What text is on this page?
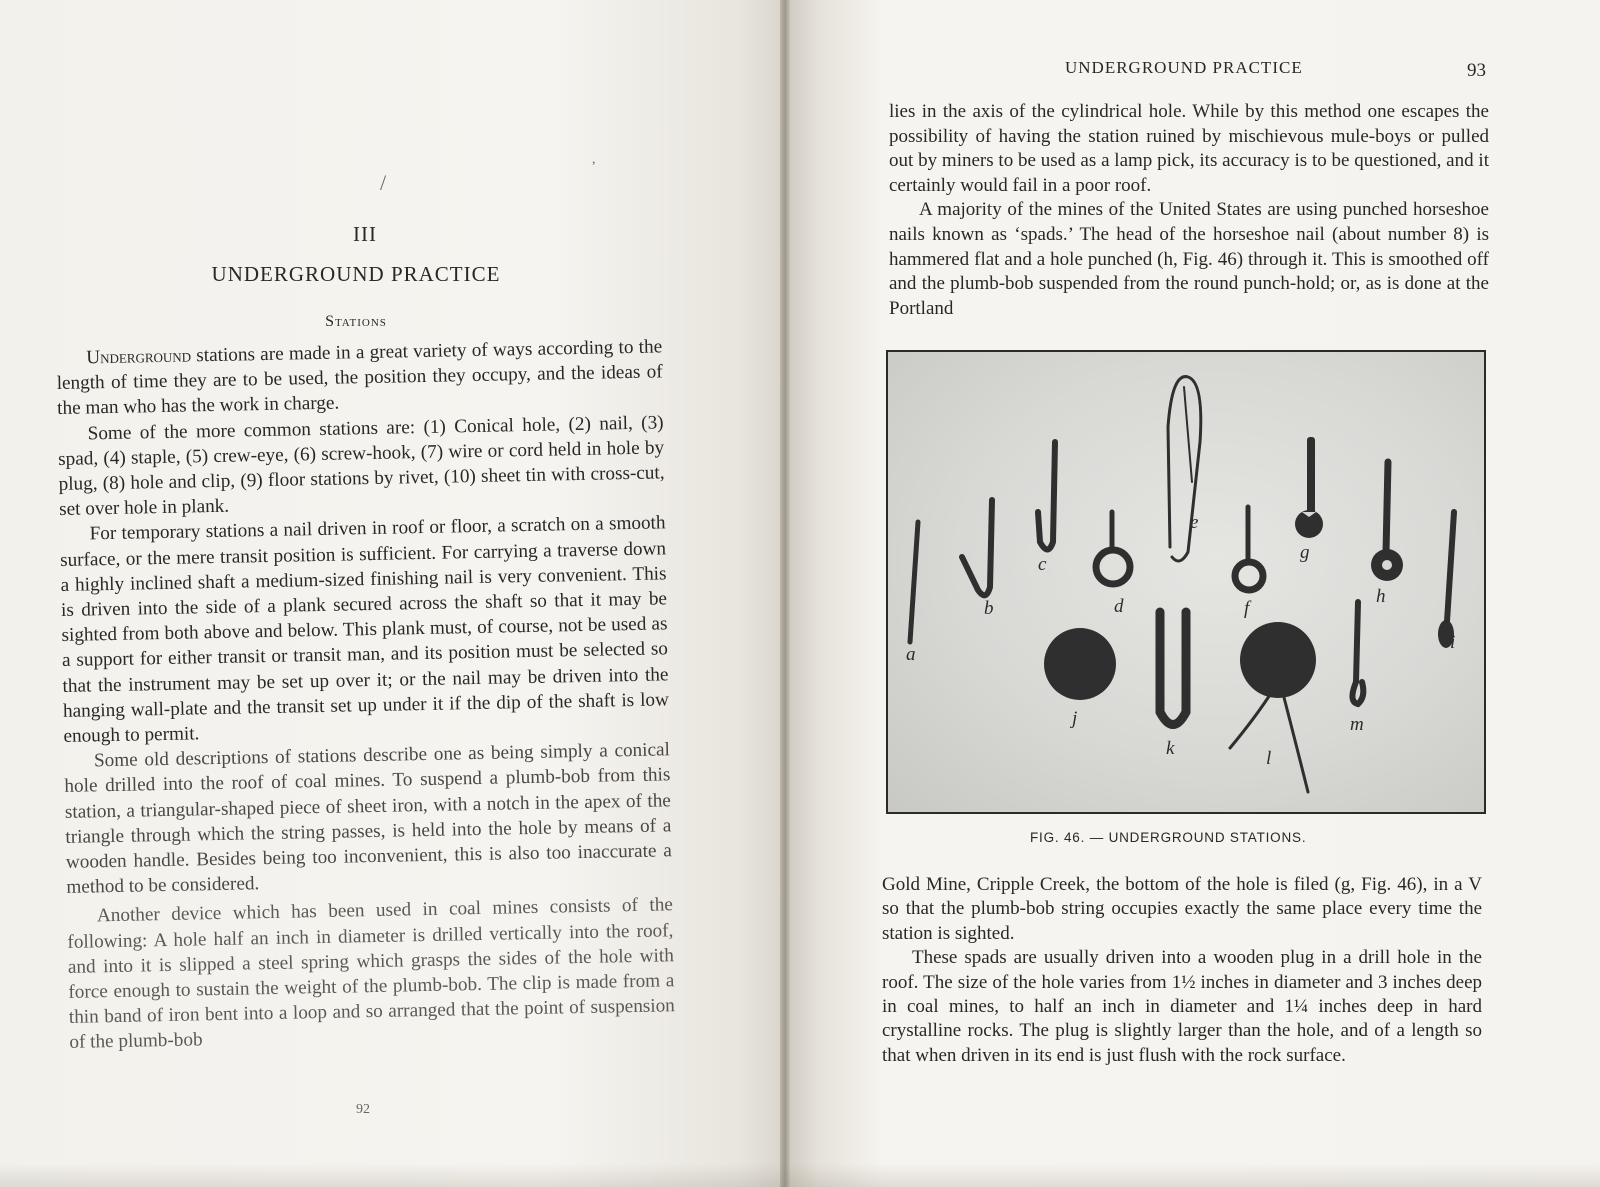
/
,
III
UNDERGROUND PRACTICE
Stations

Underground stations are made in a great variety of ways according to the length of time they are to be used, the position they occupy, and the ideas of the man who has the work in charge.

Some of the more common stations are: (1) Conical hole, (2) nail, (3) spad, (4) staple, (5) crew-eye, (6) screw-hook, (7) wire or cord held in hole by plug, (8) hole and clip, (9) floor stations by rivet, (10) sheet tin with cross-cut, set over hole in plank.

For temporary stations a nail driven in roof or floor, a scratch on a smooth surface, or the mere transit position is sufficient. For carrying a traverse down a highly inclined shaft a medium-sized finishing nail is very convenient. This is driven into the side of a plank secured across the shaft so that it may be sighted from both above and below. This plank must, of course, not be used as a support for either transit or transit man, and its position must be selected so that the instrument may be set up over it; or the nail may be driven into the hanging wall-plate and the transit set up under it if the dip of the shaft is low enough to permit.

Some old descriptions of stations describe one as being simply a conical hole drilled into the roof of coal mines. To suspend a plumb-bob from this station, a triangular-shaped piece of sheet iron, with a notch in the apex of the triangle through which the string passes, is held into the hole by means of a wooden handle. Besides being too inconvenient, this is also too inaccurate a method to be considered.

Another device which has been used in coal mines consists of the following: A hole half an inch in diameter is drilled vertically into the roof, and into it is slipped a steel spring which grasps the sides of the hole with force enough to sustain the weight of the plumb-bob. The clip is made from a thin band of iron bent into a loop and so arranged that the point of suspension of the plumb-bob

92
UNDERGROUND PRACTICE	93

lies in the axis of the cylindrical hole. While by this method one escapes the possibility of having the station ruined by mischievous mule-boys or pulled out by miners to be used as a lamp pick, its accuracy is to be questioned, and it certainly would fail in a poor roof.

A majority of the mines of the United States are using punched horseshoe nails known as ‘spads.’ The head of the horseshoe nail (about number 8) is hammered flat and a hole punched (h, Fig. 46) through it. This is smoothed off and the plumb-bob suspended from the round punch-hold; or, as is done at the Portland

a
b
c
d
e
f
g
h
i
j
k	l
m
FIG. 46. — UNDERGROUND STATIONS.

Gold Mine, Cripple Creek, the bottom of the hole is filed (g, Fig. 46), in a V so that the plumb-bob string occupies exactly the same place every time the station is sighted.

These spads are usually driven into a wooden plug in a drill hole in the roof. The size of the hole varies from 1½ inches in diameter and 3 inches deep in coal mines, to half an inch in diameter and 1¼ inches deep in hard crystalline rocks. The plug is slightly larger than the hole, and of a length so that when driven in its end is just flush with the rock surface.
